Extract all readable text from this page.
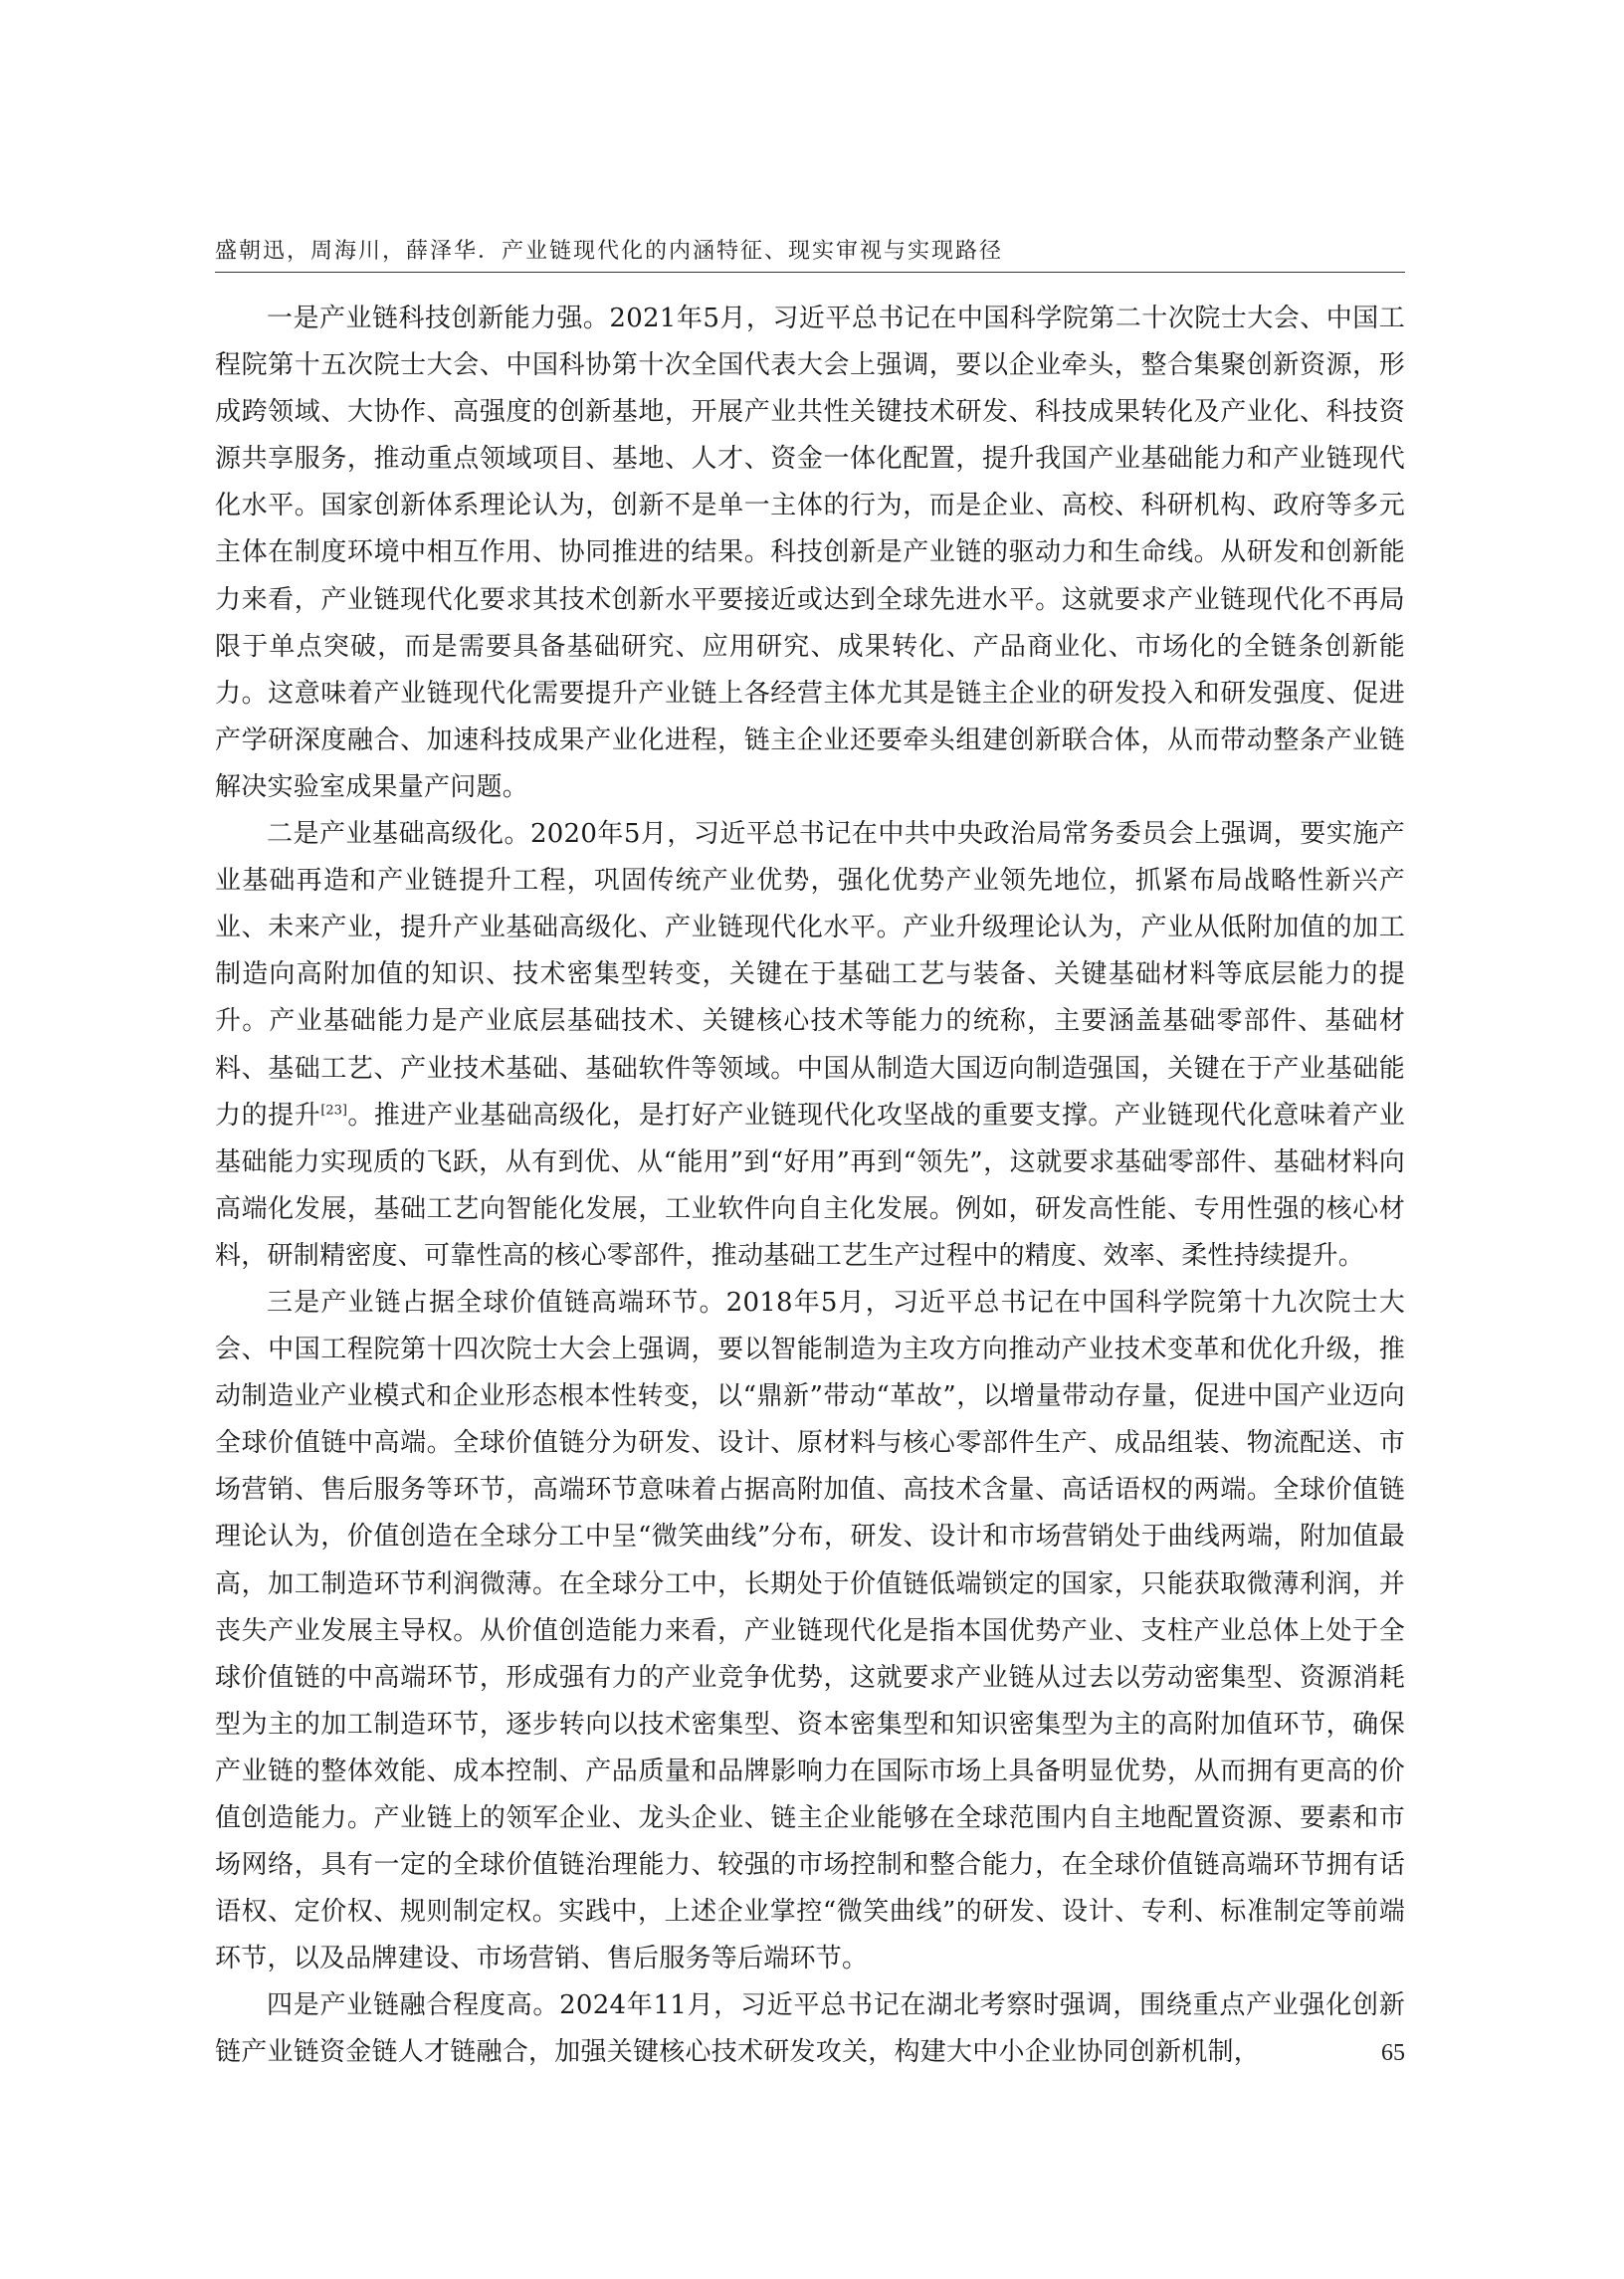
盛朝迅，周海川，薛泽华．产业链现代化的内涵特征、现实审视与实现路径

一是产业链科技创新能力强。2021年5月，习近平总书记在中国科学院第二十次院士大会、中国工程院第十五次院士大会、中国科协第十次全国代表大会上强调，要以企业牵头，整合集聚创新资源，形成跨领域、大协作、高强度的创新基地，开展产业共性关键技术研发、科技成果转化及产业化、科技资源共享服务，推动重点领域项目、基地、人才、资金一体化配置，提升我国产业基础能力和产业链现代化水平。国家创新体系理论认为，创新不是单一主体的行为，而是企业、高校、科研机构、政府等多元主体在制度环境中相互作用、协同推进的结果。科技创新是产业链的驱动力和生命线。从研发和创新能力来看，产业链现代化要求其技术创新水平要接近或达到全球先进水平。这就要求产业链现代化不再局限于单点突破，而是需要具备基础研究、应用研究、成果转化、产品商业化、市场化的全链条创新能力。这意味着产业链现代化需要提升产业链上各经营主体尤其是链主企业的研发投入和研发强度、促进产学研深度融合、加速科技成果产业化进程，链主企业还要牵头组建创新联合体，从而带动整条产业链解决实验室成果量产问题。

二是产业基础高级化。2020年5月，习近平总书记在中共中央政治局常务委员会上强调，要实施产业基础再造和产业链提升工程，巩固传统产业优势，强化优势产业领先地位，抓紧布局战略性新兴产业、未来产业，提升产业基础高级化、产业链现代化水平。产业升级理论认为，产业从低附加值的加工制造向高附加值的知识、技术密集型转变，关键在于基础工艺与装备、关键基础材料等底层能力的提升。产业基础能力是产业底层基础技术、关键核心技术等能力的统称，主要涵盖基础零部件、基础材料、基础工艺、产业技术基础、基础软件等领域。中国从制造大国迈向制造强国，关键在于产业基础能力的提升[23]。推进产业基础高级化，是打好产业链现代化攻坚战的重要支撑。产业链现代化意味着产业基础能力实现质的飞跃，从有到优、从“能用”到“好用”再到“领先”，这就要求基础零部件、基础材料向高端化发展，基础工艺向智能化发展，工业软件向自主化发展。例如，研发高性能、专用性强的核心材料，研制精密度、可靠性高的核心零部件，推动基础工艺生产过程中的精度、效率、柔性持续提升。

三是产业链占据全球价值链高端环节。2018年5月，习近平总书记在中国科学院第十九次院士大会、中国工程院第十四次院士大会上强调，要以智能制造为主攻方向推动产业技术变革和优化升级，推动制造业产业模式和企业形态根本性转变，以“鼎新”带动“革故”，以增量带动存量，促进中国产业迈向全球价值链中高端。全球价值链分为研发、设计、原材料与核心零部件生产、成品组装、物流配送、市场营销、售后服务等环节，高端环节意味着占据高附加值、高技术含量、高话语权的两端。全球价值链理论认为，价值创造在全球分工中呈“微笑曲线”分布，研发、设计和市场营销处于曲线两端，附加值最高，加工制造环节利润微薄。在全球分工中，长期处于价值链低端锁定的国家，只能获取微薄利润，并丧失产业发展主导权。从价值创造能力来看，产业链现代化是指本国优势产业、支柱产业总体上处于全球价值链的中高端环节，形成强有力的产业竞争优势，这就要求产业链从过去以劳动密集型、资源消耗型为主的加工制造环节，逐步转向以技术密集型、资本密集型和知识密集型为主的高附加值环节，确保产业链的整体效能、成本控制、产品质量和品牌影响力在国际市场上具备明显优势，从而拥有更高的价值创造能力。产业链上的领军企业、龙头企业、链主企业能够在全球范围内自主地配置资源、要素和市场网络，具有一定的全球价值链治理能力、较强的市场控制和整合能力，在全球价值链高端环节拥有话语权、定价权、规则制定权。实践中，上述企业掌控“微笑曲线”的研发、设计、专利、标准制定等前端环节，以及品牌建设、市场营销、售后服务等后端环节。

四是产业链融合程度高。2024年11月，习近平总书记在湖北考察时强调，围绕重点产业强化创新链产业链资金链人才链融合，加强关键核心技术研发攻关，构建大中小企业协同创新机制，	65
